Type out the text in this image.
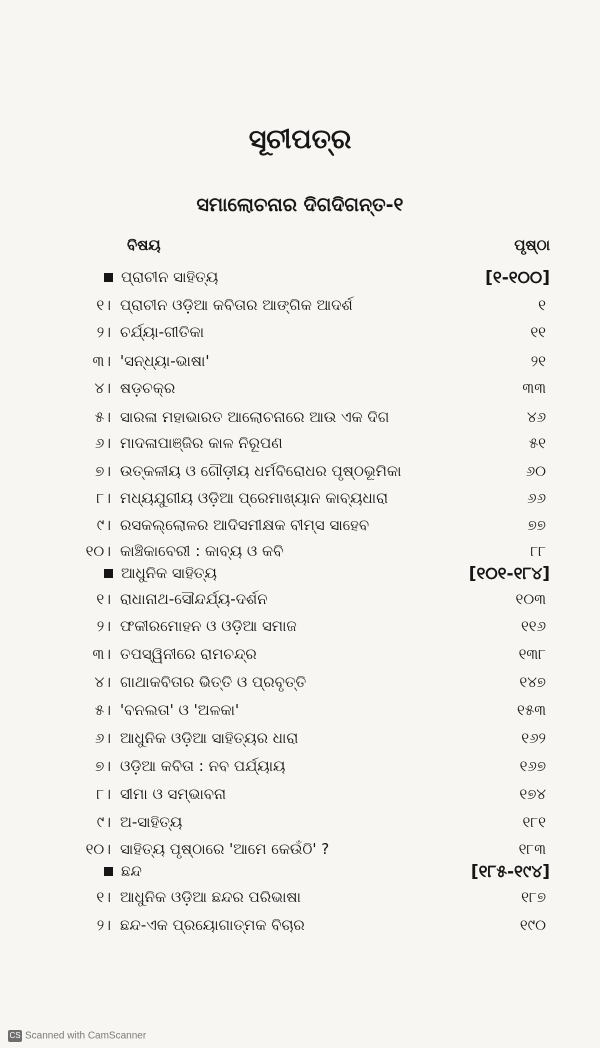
ସୂଚୀପତ୍ର
ସମାଲୋଚନାର ଦିଗଦିଗନ୍ତ-୧
ବିଷୟ	ପୃଷ୍ଠା
ପ୍ରାଚୀନ ସାହିତ୍ୟ	[୧-୧୦୦]
୧। ପ୍ରାଚୀନ ଓଡ଼ିଆ କବିତାର ଆଙ୍ଗିକ ଆଦର୍ଶ	୧
୨। ଚର୍ଯ୍ୟା-ଗୀତିକା	୧୧
୩। 'ସନ୍ଧ୍ୟା-ଭାଷା'	୨୧
୪। ଷଡ଼ଚକ୍ର	୩୩
୫। ସାରଳା ମହାଭାରତ ଆଲୋଚନାରେ ଆଉ ଏକ ଦିଗ	୪୬
୬। ମାଦଳାପାଞ୍ଜିର କାଳ ନିରୂପଣ	୫୧
୭। ଉତ୍କଳୀୟ ଓ ଗୌଡ଼ୀୟ ଧର୍ମବିରୋଧର ପୃଷ୍ଠଭୂମିକା	୬୦
୮। ମଧ୍ୟଯୁଗୀୟ ଓଡ଼ିଆ ପ୍ରେମାଖ୍ୟାନ କାବ୍ୟଧାରା	୬୬
୯। ରସକଲ୍ଲୋଳର ଆଦିସମୀକ୍ଷକ ବୀମ୍‌ସ ସାହେବ	୭୭
୧୦। କାଞ୍ଚିକାବେରୀ : କାବ୍ୟ ଓ କବି	୮୮
ଆଧୁନିକ ସାହିତ୍ୟ	[୧୦୧-୧୮୪]
୧। ରାଧାନାଥ-ସୌନ୍ଦର୍ଯ୍ୟ-ଦର୍ଶନ	୧୦୩
୨। ଫକୀରମୋହନ ଓ ଓଡ଼ିଆ ସମାଜ	୧୧୬
୩। ତପସ୍ୱିନୀରେ ରାମଚନ୍ଦ୍ର	୧୩୮
୪। ଗାଥାକବିତାର ଭିତ୍ତି ଓ ପ୍ରବୃତ୍ତି	୧୪୭
୫। 'ବନଲତା' ଓ 'ଅଳକା'	୧୫୩
୬। ଆଧୁନିକ ଓଡ଼ିଆ ସାହିତ୍ୟର ଧାରା	୧୬୨
୭। ଓଡ଼ିଆ କବିତା : ନବ ପର୍ଯ୍ୟାୟ	୧୬୭
୮। ସୀମା ଓ ସମ୍ଭାବନା	୧୭୪
୯। ଅ-ସାହିତ୍ୟ	୧୮୧
୧୦। ସାହିତ୍ୟ ପୃଷ୍ଠାରେ 'ଆମେ କେଉଁଠି' ?	୧୮୩
ଛନ୍ଦ	[୧୮୫-୧୯୪]
୧। ଆଧୁନିକ ଓଡ଼ିଆ ଛନ୍ଦର ପରିଭାଷା	୧୮୭
୨। ଛନ୍ଦ-ଏକ ପ୍ରୟୋଗାତ୍ମକ ବିଚାର	୧୯୦
CS Scanned with CamScanner
